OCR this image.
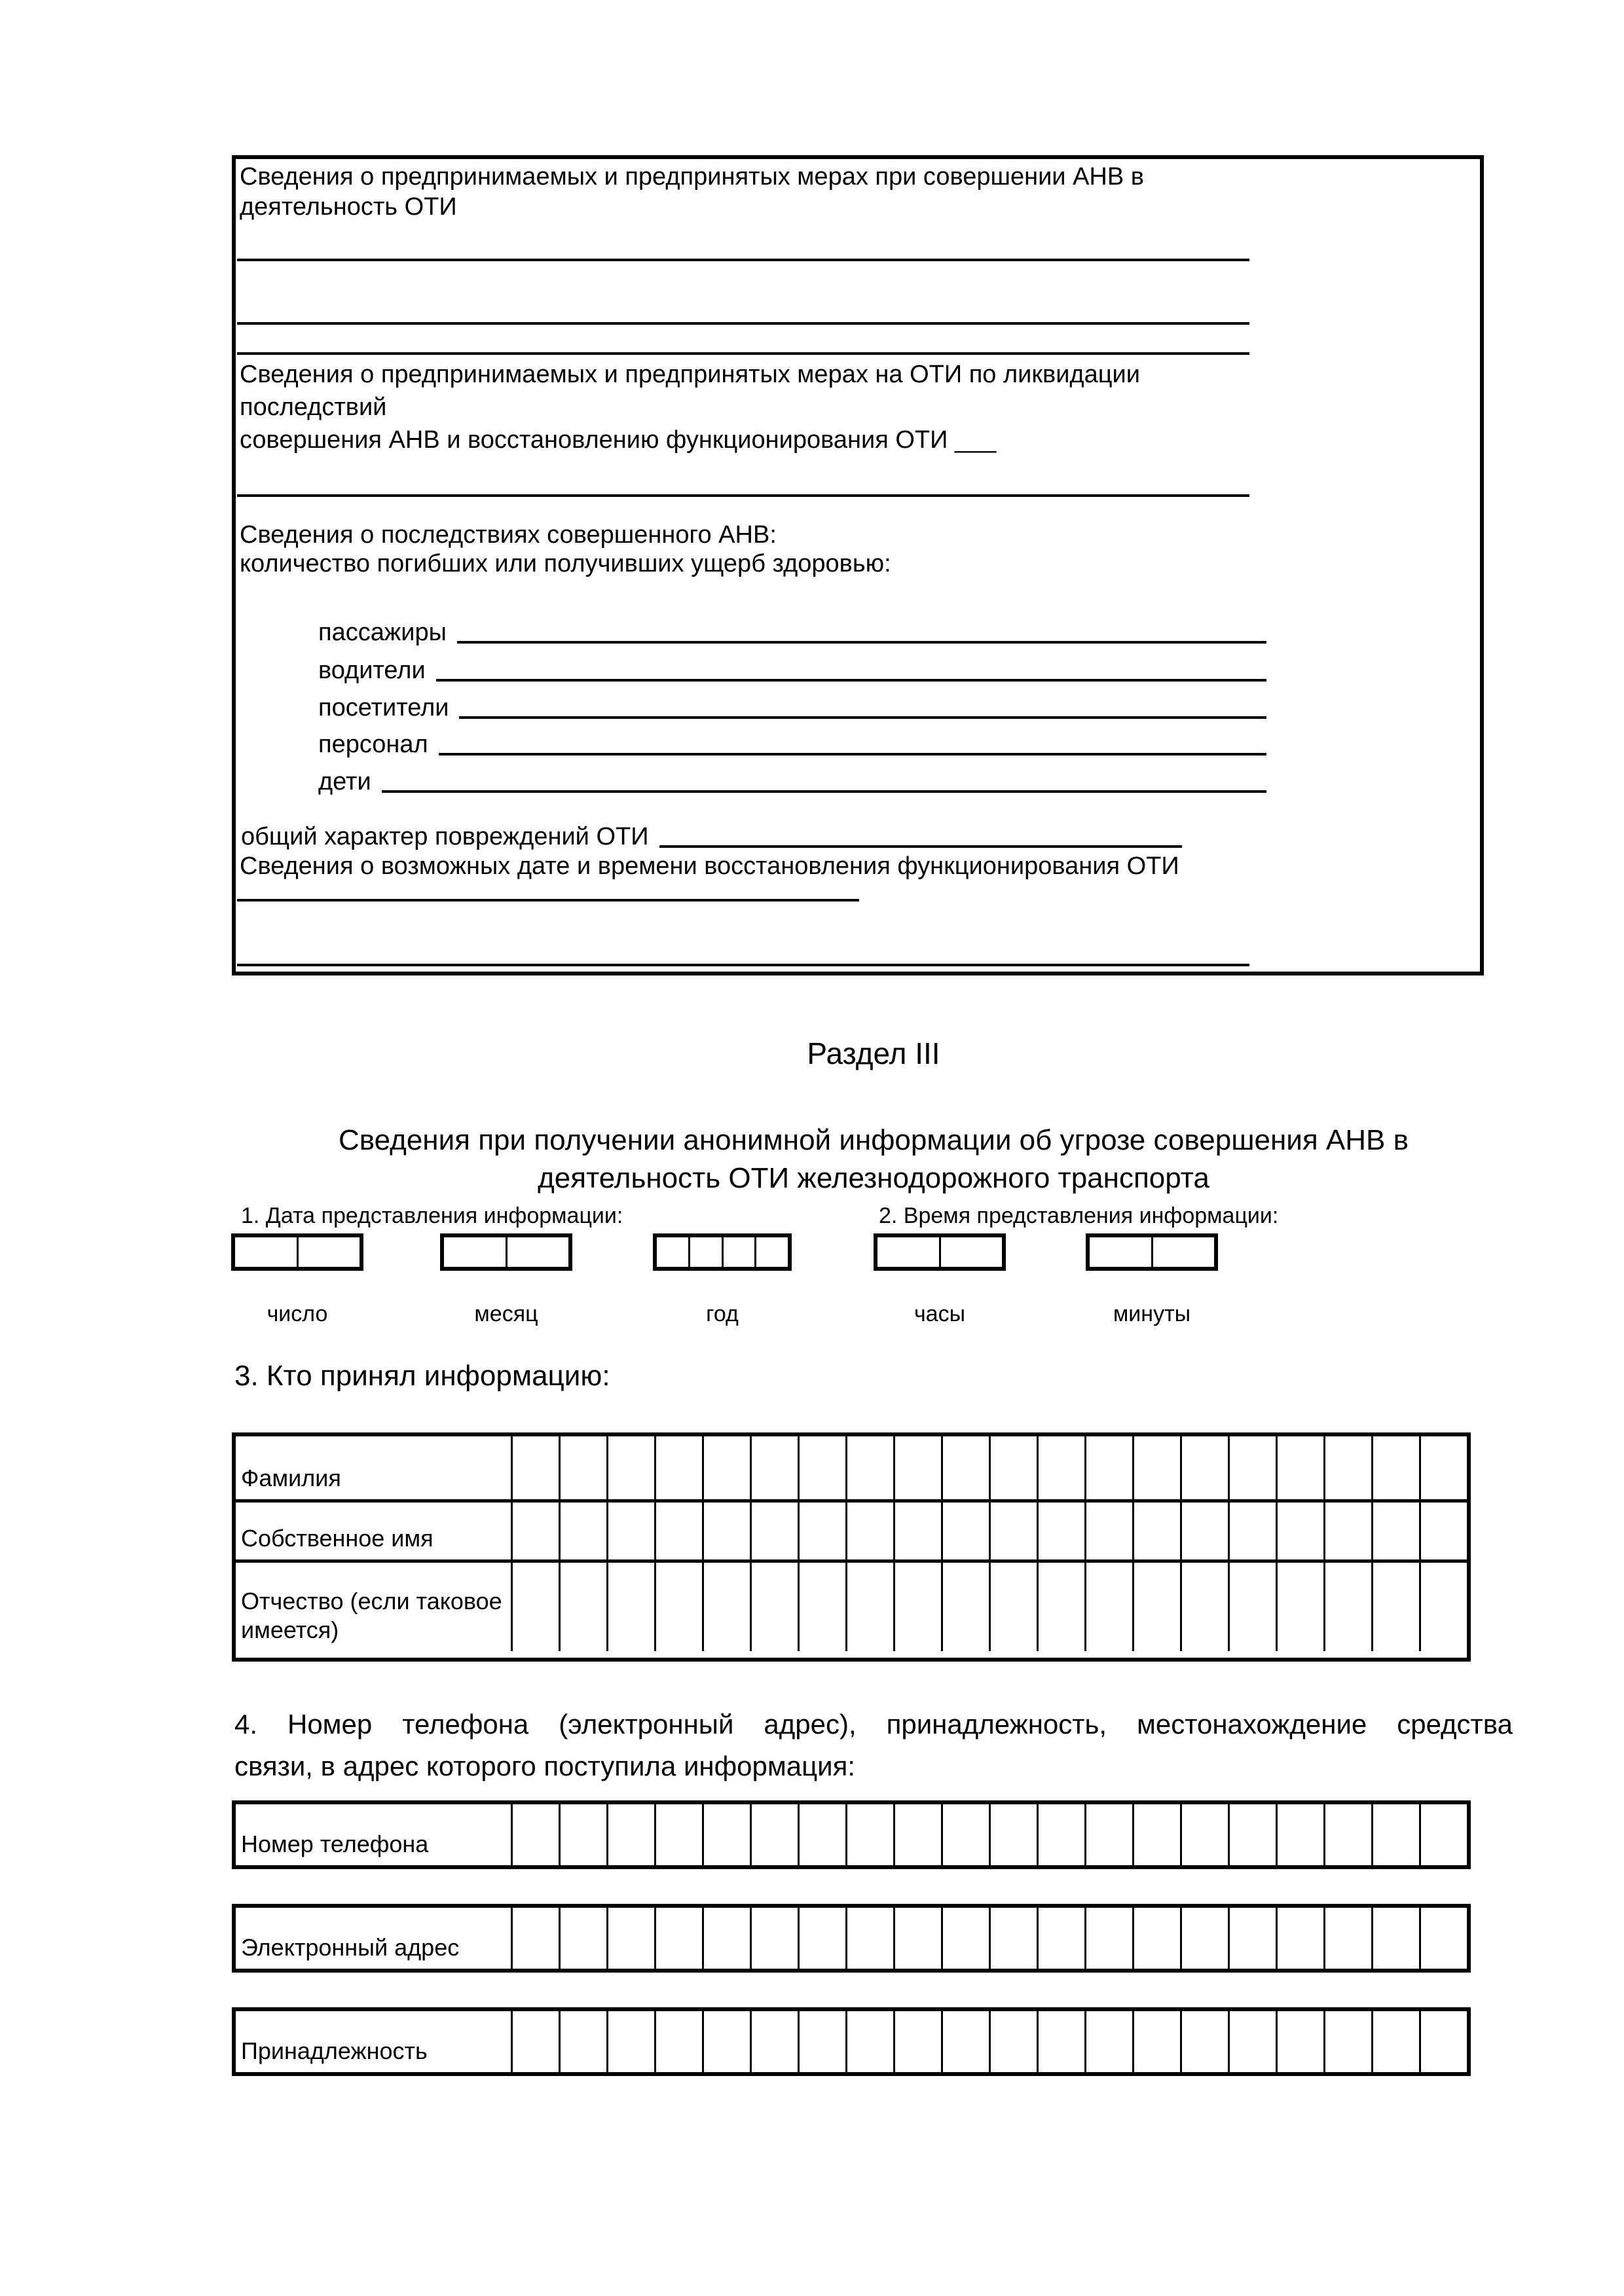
Сведения о предпринимаемых и предпринятых мерах при совершении АНВ в
деятельность ОТИ
Сведения о предпринимаемых и предпринятых мерах на ОТИ по ликвидации
последствий
совершения АНВ и восстановлению функционирования ОТИ ___
Сведения о последствиях совершенного АНВ:
количество погибших или получивших ущерб здоровью:
пассажиры
водители
посетители
персонал
дети
общий характер повреждений ОТИ
Сведения о возможных дате и времени восстановления функционирования ОТИ
Раздел III
Сведения при получении анонимной информации об угрозе совершения АНВ в
деятельность ОТИ железнодорожного транспорта
1. Дата представления информации:	2. Время представления информации:
число	месяц	год	часы	минуты
3. Кто принял информацию:
Фамилия
Собственное имя
Отчество (если таковое имеется)
4. Номер телефона (электронный адрес), принадлежность, местонахождение средства
связи, в адрес которого поступила информация:
Номер телефона
Электронный адрес
Принадлежность
